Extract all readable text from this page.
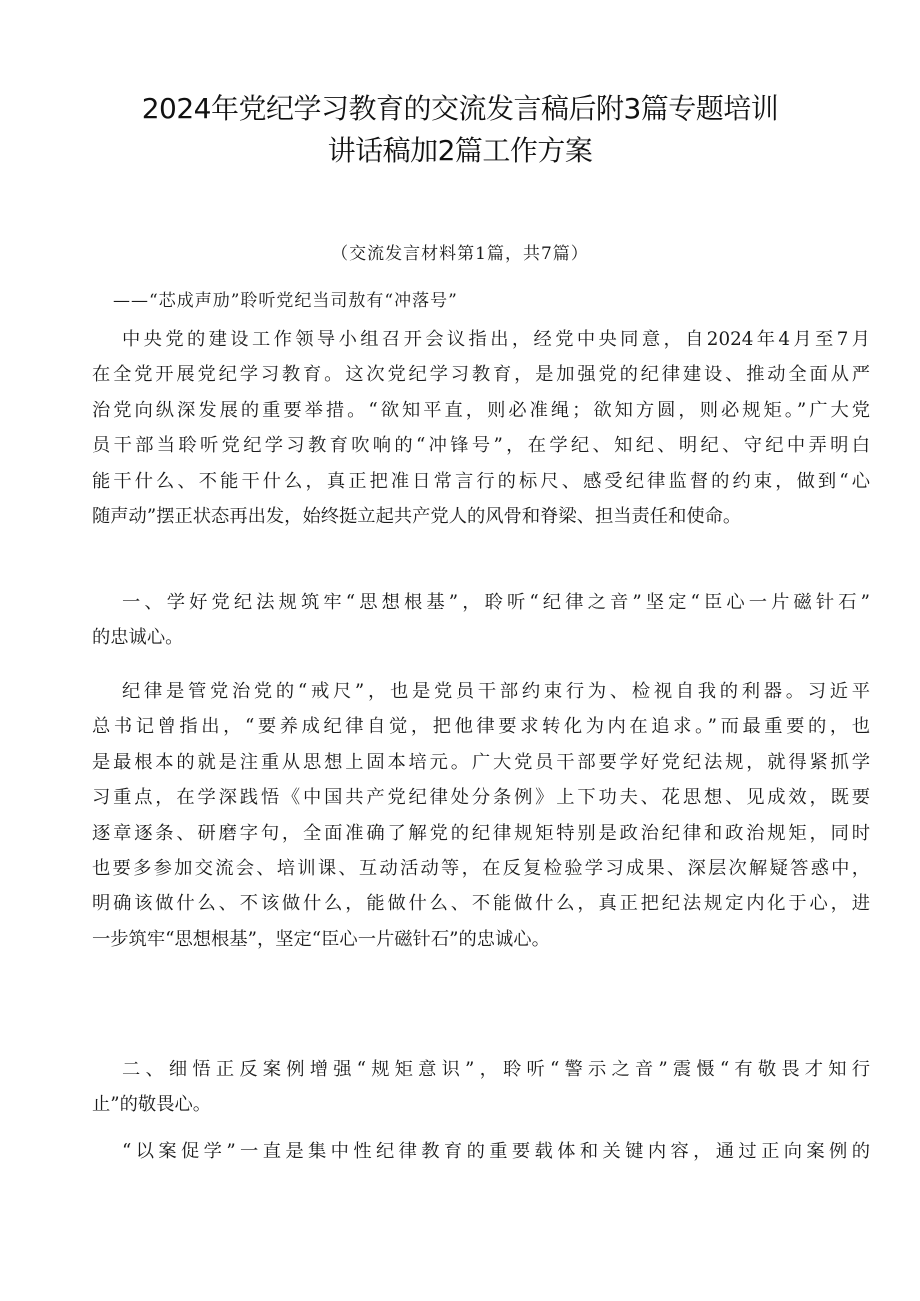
2024年党纪学习教育的交流发言稿后附3篇专题培训
讲话稿加2篇工作方案
（交流发言材料第1篇，共7篇）
——“芯成声劢”聆听党纪当司敖有“冲落号”
中央党的建设工作领导小组召开会议指出，经党中央同意，自2024年4月至7月
在全党开展党纪学习教育。这次党纪学习教育，是加强党的纪律建设、推动全面从严
治党向纵深发展的重要举措。“欲知平直，则必准绳；欲知方圆，则必规矩。”广大党
员干部当聆听党纪学习教育吹响的“冲锋号”，在学纪、知纪、明纪、守纪中弄明白
能干什么、不能干什么，真正把准日常言行的标尺、感受纪律监督的约束，做到“心
随声动”摆正状态再出发，始终挺立起共产党人的风骨和脊梁、担当责任和使命。
一、学好党纪法规筑牢“思想根基”，聆听“纪律之音”坚定“臣心一片磁针石”
的忠诚心。
纪律是管党治党的“戒尺”，也是党员干部约束行为、检视自我的利器。习近平
总书记曾指出，“要养成纪律自觉，把他律要求转化为内在追求。”而最重要的，也
是最根本的就是注重从思想上固本培元。广大党员干部要学好党纪法规，就得紧抓学
习重点，在学深践悟《中国共产党纪律处分条例》上下功夫、花思想、见成效，既要
逐章逐条、研磨字句，全面准确了解党的纪律规矩特别是政治纪律和政治规矩，同时
也要多参加交流会、培训课、互动活动等，在反复检验学习成果、深层次解疑答惑中，
明确该做什么、不该做什么，能做什么、不能做什么，真正把纪法规定内化于心，进
一步筑牢“思想根基”，坚定“臣心一片磁针石”的忠诚心。
二、细悟正反案例增强“规矩意识”，聆听“警示之音”震慑“有敬畏才知行
止”的敬畏心。
“以案促学”一直是集中性纪律教育的重要载体和关键内容，通过正向案例的
